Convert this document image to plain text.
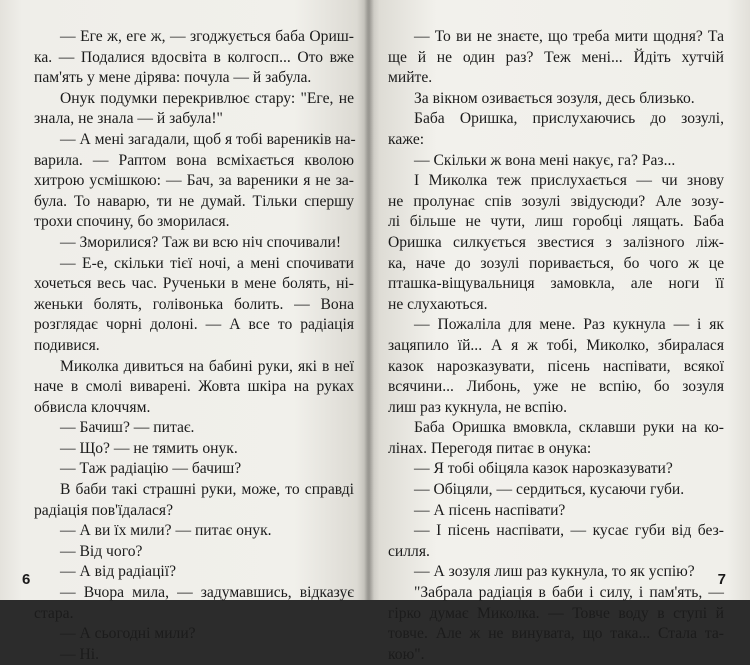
— Еге ж, еге ж, — згоджується баба Ориш-
ка. — Подалися вдосвіта в колгосп... Ото вже
пам'ять у мене дірява: почула — й забула.
Онук подумки перекривлює стару: "Еге, не
знала, не знала — й забула!"
— А мені загадали, щоб я тобі вареників на-
варила. — Раптом вона всміхається кволою
хитрою усмішкою: — Бач, за вареники я не за-
була. То наварю, ти не думай. Тільки спершу
трохи спочину, бо зморилася.
— Зморилися? Таж ви всю ніч спочивали!
— Е-е, скільки тієї ночі, а мені спочивати
хочеться весь час. Рученьки в мене болять, ні-
женьки болять, голівонька болить. — Вона
розглядає чорні долоні. — А все то радіація
подивися.
Миколка дивиться на бабині руки, які в неї
наче в смолі виварені. Жовта шкіра на руках
обвисла клоччям.
— Бачиш? — питає.
— Що? — не тямить онук.
— Таж радіацію — бачиш?
В баби такі страшні руки, може, то справді
радіація пов'їдалася?
— А ви їх мили? — питає онук.
— Від чого?
— А від радіації?
— Вчора мила, — задумавшись, відказує
стара.
— А сьогодні мили?
— Ні.
6
— То ви не знаєте, що треба мити щодня? Та
ще й не один раз? Теж мені... Йдіть хутчій
мийте.
За вікном озивається зозуля, десь близько.
Баба Оришка, прислухаючись до зозулі,
каже:
— Скільки ж вона мені накує, га? Раз...
І Миколка теж прислухається — чи знову
не пролунає спів зозулі звідусюди? Але зозу-
лі більше не чути, лиш горобці лящать. Баба
Оришка силкується звестися з залізного ліж-
ка, наче до зозулі поривається, бо чого ж це
пташка-віщувальниця замовкла, але ноги її
не слухаються.
— Пожаліла для мене. Раз кукнула — і як
зацяпило їй... А я ж тобі, Миколко, збиралася
казок нарозказувати, пісень наспівати, всякої
всячини... Либонь, уже не вспію, бо зозуля
лиш раз кукнула, не вспію.
Баба Оришка вмовкла, склавши руки на ко-
лінах. Перегодя питає в онука:
— Я тобі обіцяла казок нарозказувати?
— Обіцяли, — сердиться, кусаючи губи.
— А пісень наспівати?
— І пісень наспівати, — кусає губи від без-
силля.
— А зозуля лиш раз кукнула, то як успію?
"Забрала радіація в баби і силу, і пам'ять, —
гірко думає Миколка. — Товче воду в ступі й
товче. Але ж не винувата, що така... Стала та-
кою".
7
